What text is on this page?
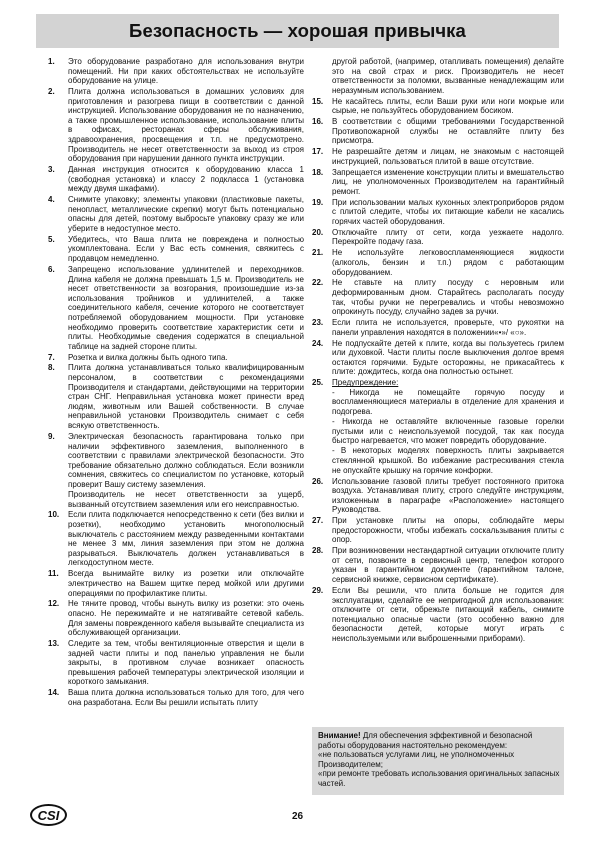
Безопасность — хорошая привычка
1.	Это оборудование разработано для использования внутри помещений. Ни при каких обстоятельствах не используйте оборудование на улице.
2.	Плита должна использоваться в домашних условиях для приготовления и разогрева пищи в соответствии с данной инструкцией. Использование оборудования не по назначению, а также промышленное использование, использование плиты в офисах, ресторанах сферы обслуживания, здравоохранения, просвещения и т.п. не предусмотрено. Производитель не несет ответственности за выход из строя оборудования при нарушении данного пункта инструкции.
3.	Данная инструкция относится к оборудованию класса 1 (свободная установка) и классу 2 подкласса 1 (установка между двумя шкафами).
4.	Снимите упаковку; элементы упаковки (пластиковые пакеты, пенопласт, металлические скрепки) могут быть потенциально опасны для детей, поэтому выбросьте упаковку сразу же или уберите в недоступное место.
5.	Убедитесь, что Ваша плита не повреждена и полностью укомплектована. Если у Вас есть сомнения, свяжитесь с продавцом немедленно.
6.	Запрещено использование удлинителей и переходников. Длина кабеля не должна превышать 1,5 м. Производитель не несет ответственности за возгорания, произошедшие из-за использования тройников и удлинителей, а также соединительного кабеля, сечение которого не соответствует потребляемой оборудованием мощности. При установке необходимо проверить соответствие характеристик сети и плиты. Необходимые сведения содержатся в специальной таблице на задней стороне плиты.
7.	Розетка и вилка должны быть одного типа.
8.	Плита должна устанавливаться только квалифицированным персоналом, в соответствии с рекомендациями Производителя и стандартами, действующими на территории стран СНГ. Неправильная установка может принести вред людям, животным или Вашей собственности. В случае неправильной установки Производитель снимает с себя всякую ответственность.
9.	Электрическая безопасность гарантирована только при наличии эффективного заземления, выполненного в соответствии с правилами электрической безопасности. Это требование обязательно должно соблюдаться. Если возникли сомнения, свяжитесь со специалистом по установке, который проверит Вашу систему заземления.
Производитель не несет ответственности за ущерб, вызванный отсутствием заземления или его неисправностью.
10.	Если плита подключается непосредственно к сети (без вилки и розетки), необходимо установить многополюсный выключатель с расстоянием между разведенными контактами не менее 3 мм, линия заземления при этом не должна разрываться. Выключатель должен устанавливаться в легкодоступном месте.
11.	Всегда вынимайте вилку из розетки или отключайте электричество на Вашем щитке перед мойкой или другими операциями по профилактике плиты.
12.	Не тяните провод, чтобы вынуть вилку из розетки: это очень опасно. Не пережимайте и не натягивайте сетевой кабель. Для замены поврежденного кабеля вызывайте специалиста из обслуживающей организации.
13.	Следите за тем, чтобы вентиляционные отверстия и щели в задней части плиты и под панелью управления не были закрыты, в противном случае возникает опасность превышения рабочей температуры электрической изоляции и короткого замыкания.
14.	Ваша плита должна использоваться только для того, для чего она разработана. Если Вы решили испытать плиту
другой работой, (например, отапливать помещения) делайте это на свой страх и риск. Производитель не несет ответственности за поломки, вызванные ненадлежащим или неразумным использованием.
15.	Не касайтесь плиты, если Ваши руки или ноги мокрые или сырые, не пользуйтесь оборудованием босиком.
16.	В соответствии с общими требованиями Государственной Противопожарной службы не оставляйте плиту без присмотра.
17.	Не разрешайте детям и лицам, не знакомым с настоящей инструкцией, пользоваться плитой в ваше отсутствие.
18.	Запрещается изменение конструкции плиты и вмешательство лиц, не уполномоченных Производителем на гарантийный ремонт.
19.	При использовании малых кухонных электроприборов рядом с плитой следите, чтобы их питающие кабели не касались горячих частей оборудования.
20.	Отключайте плиту от сети, когда уезжаете надолго. Перекройте подачу газа.
21.	Не используйте легковоспламеняющиеся жидкости (алкоголь, бензин и т.п.) рядом с работающим оборудованием.
22.	Не ставьте на плиту посуду с неровным или деформированным дном. Старайтесь располагать посуду так, чтобы ручки не перегревались и чтобы невозможно опрокинуть посуду, случайно задев за ручки.
23.	Если плита не используется, проверьте, что рукоятки на панели управления находятся в положении«•»/ «○».
24.	Не подпускайте детей к плите, когда вы пользуетесь грилем или духовкой. Части плиты после выключения долгое время остаются горячими. Будьте осторожны, не прикасайтесь к плите: дождитесь, когда она полностью остынет.
25.	Предупреждение:
- Никогда не помещайте горячую посуду и воспламеняющиеся материалы в отделение для хранения и подогрева.
- Никогда не оставляйте включенные газовые горелки пустыми или с неиспользуемой посудой, так как посуда быстро нагревается, что может повредить оборудование.
- В некоторых моделях поверхность плиты закрывается стеклянной крышкой. Во избежание растрескивания стекла не опускайте крышку на горячие конфорки.
26.	Использование газовой плиты требует постоянного притока воздуха. Устанавливая плиту, строго следуйте инструкциям, изложенным в параграфе «Расположение» настоящего Руководства.
27.	При установке плиты на опоры, соблюдайте меры предосторожности, чтобы избежать соскальзывания плиты с опор.
28.	При возникновении нестандартной ситуации отключите плиту от сети, позвоните в сервисный центр, телефон которого указан в гарантийном документе (гарантийном талоне, сервисной книжке, сервисном сертификате).
29.	Если Вы решили, что плита больше не годится для эксплуатации, сделайте ее непригодной для использования: отключите от сети, обрежьте питающий кабель, снимите потенциально опасные части (это особенно важно для безопасности детей, которые могут играть с неиспользуемыми или выброшенными приборами).
Внимание! Для обеспечения эффективной и безопасной работы оборудования настоятельно рекомендуем:
«не пользоваться услугами лиц, не уполномоченных Производителем;
«при ремонте требовать использования оригинальных запасных частей.
CSI	26
